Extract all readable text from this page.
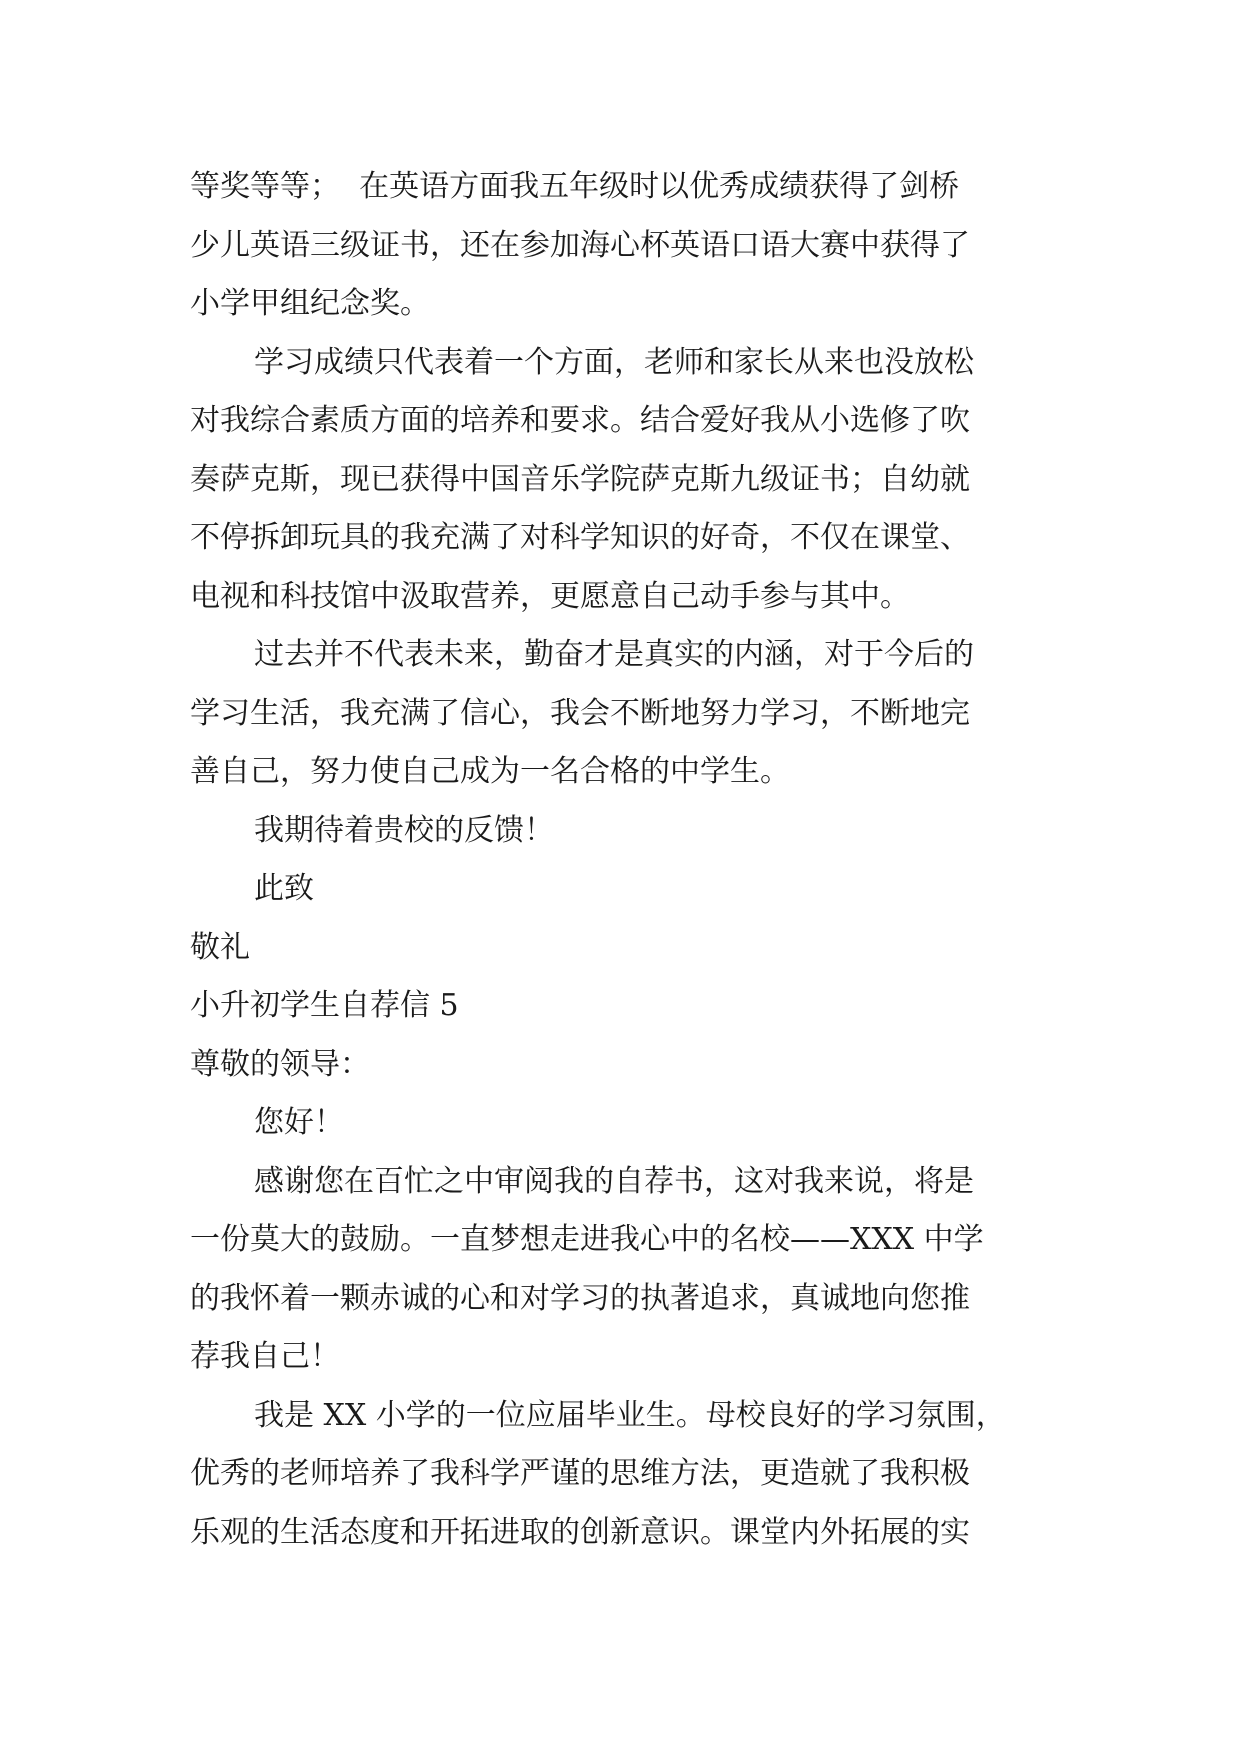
等奖等等；  在英语方面我五年级时以优秀成绩获得了剑桥
少儿英语三级证书，还在参加海心杯英语口语大赛中获得了
小学甲组纪念奖。
学习成绩只代表着一个方面，老师和家长从来也没放松
对我综合素质方面的培养和要求。结合爱好我从小选修了吹
奏萨克斯，现已获得中国音乐学院萨克斯九级证书；自幼就
不停拆卸玩具的我充满了对科学知识的好奇，不仅在课堂、
电视和科技馆中汲取营养，更愿意自己动手参与其中。
过去并不代表未来，勤奋才是真实的内涵，对于今后的
学习生活，我充满了信心，我会不断地努力学习，不断地完
善自己，努力使自己成为一名合格的中学生。
我期待着贵校的反馈！
此致
敬礼
小升初学生自荐信 5
尊敬的领导：
您好！
感谢您在百忙之中审阅我的自荐书，这对我来说，将是
一份莫大的鼓励。一直梦想走进我心中的名校——XXX 中学
的我怀着一颗赤诚的心和对学习的执著追求，真诚地向您推
荐我自己！
我是 XX 小学的一位应届毕业生。母校良好的学习氛围，
优秀的老师培养了我科学严谨的思维方法，更造就了我积极
乐观的生活态度和开拓进取的创新意识。课堂内外拓展的实
